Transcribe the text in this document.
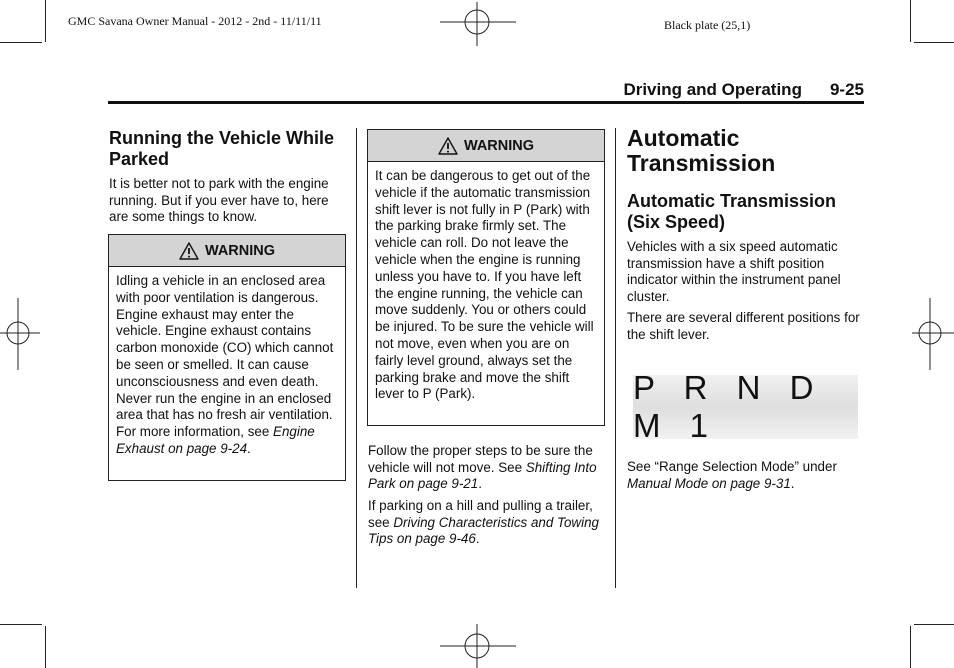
GMC Savana Owner Manual - 2012 - 2nd - 11/11/11	Black plate (25,1)
Driving and Operating 9-25
Running the Vehicle While Parked
It is better not to park with the engine running. But if you ever have to, here are some things to know.
WARNING
Idling a vehicle in an enclosed area with poor ventilation is dangerous. Engine exhaust may enter the vehicle. Engine exhaust contains carbon monoxide (CO) which cannot be seen or smelled. It can cause unconsciousness and even death. Never run the engine in an enclosed area that has no fresh air ventilation. For more information, see Engine Exhaust on page 9-24.
WARNING
It can be dangerous to get out of the vehicle if the automatic transmission shift lever is not fully in P (Park) with the parking brake firmly set. The vehicle can roll. Do not leave the vehicle when the engine is running unless you have to. If you have left the engine running, the vehicle can move suddenly. You or others could be injured. To be sure the vehicle will not move, even when you are on fairly level ground, always set the parking brake and move the shift lever to P (Park).
Follow the proper steps to be sure the vehicle will not move. See Shifting Into Park on page 9-21.
If parking on a hill and pulling a trailer, see Driving Characteristics and Towing Tips on page 9-46.
Automatic Transmission
Automatic Transmission (Six Speed)
Vehicles with a six speed automatic transmission have a shift position indicator within the instrument panel cluster.
There are several different positions for the shift lever.
P R N D M 1
See “Range Selection Mode” under Manual Mode on page 9-31.
